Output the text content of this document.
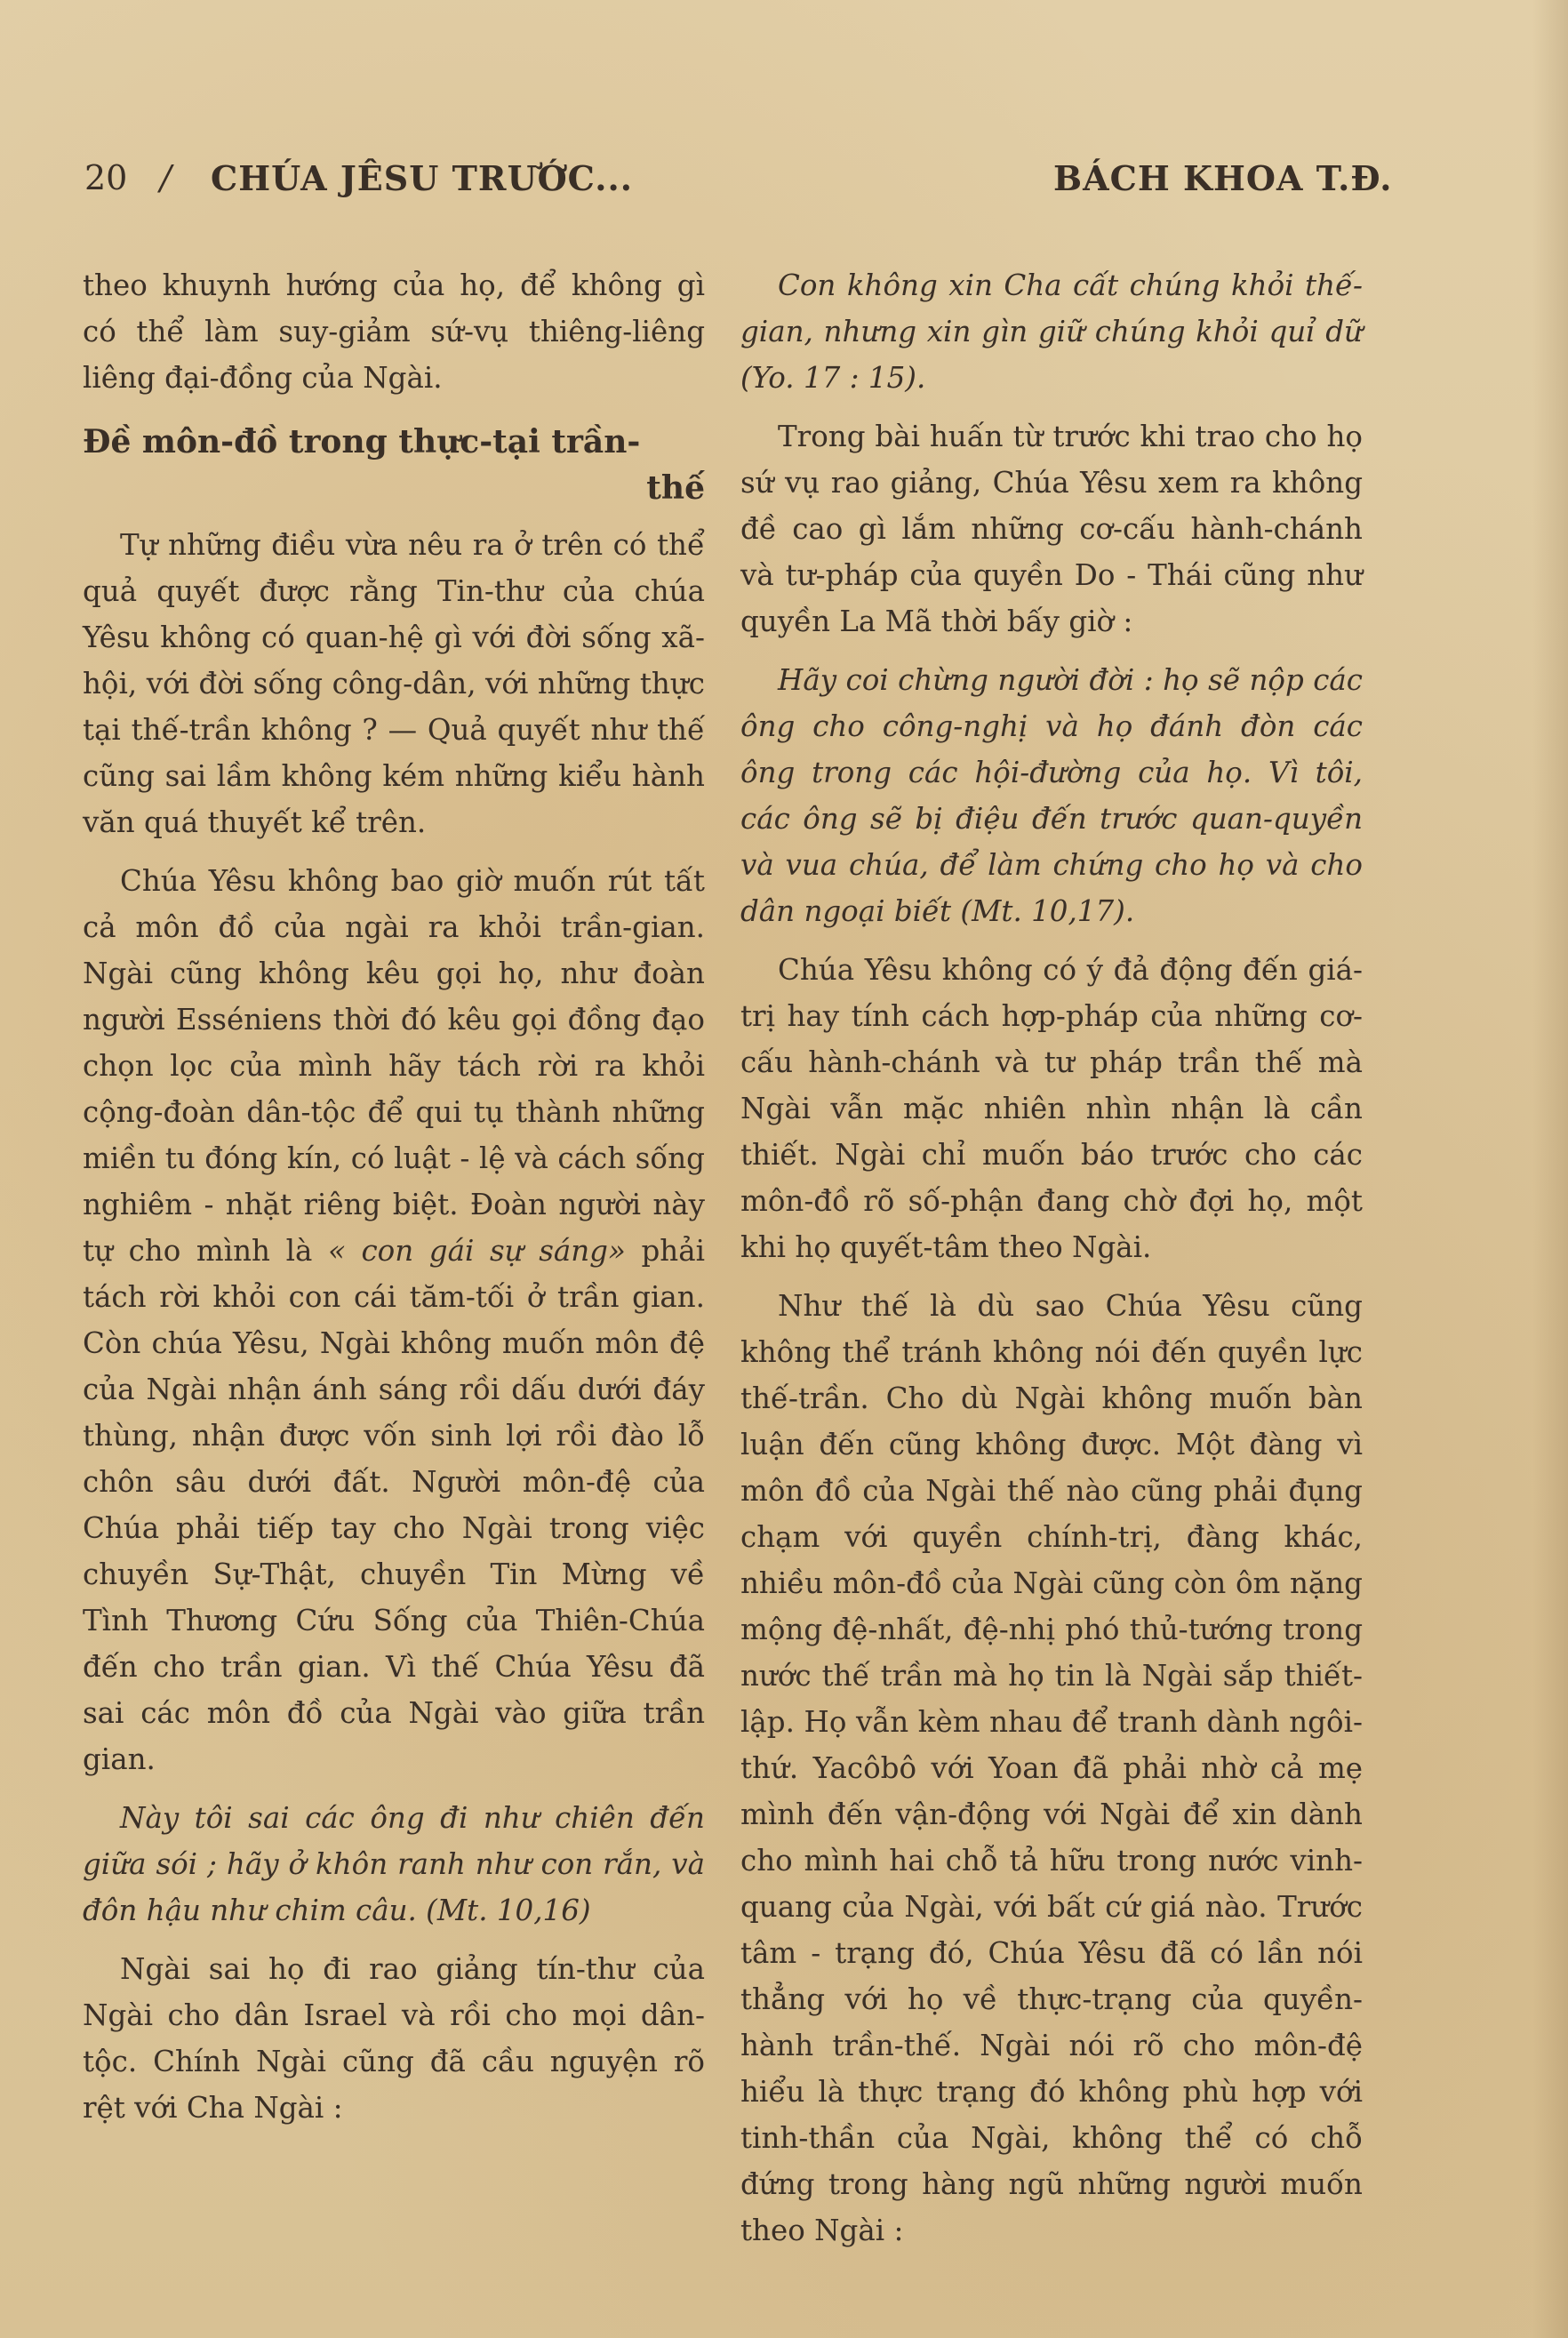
20 / CHÚA JÊSU TRƯỚC...	BÁCH KHOA T.Đ.

theo khuynh hướng của họ, để không gì có thể làm suy-giảm sứ-vụ thiêng-liêng liêng đại-đồng của Ngài.

Đề môn-đồ trong thực-tại trần-
thế

Tự những điều vừa nêu ra ở trên có thể quả quyết được rằng Tin-thư của chúa Yêsu không có quan-hệ gì với đời sống xã-hội, với đời sống công-dân, với những thực tại thế-trần không ? — Quả quyết như thế cũng sai lầm không kém những kiểu hành văn quá thuyết kể trên.

Chúa Yêsu không bao giờ muốn rút tất cả môn đồ của ngài ra khỏi trần-gian. Ngài cũng không kêu gọi họ, như đoàn người Esséniens thời đó kêu gọi đồng đạo chọn lọc của mình hãy tách rời ra khỏi cộng-đoàn dân-tộc để qui tụ thành những miền tu đóng kín, có luật - lệ và cách sống nghiêm - nhặt riêng biệt. Đoàn người này tự cho mình là « con gái sự sáng» phải tách rời khỏi con cái tăm-tối ở trần gian. Còn chúa Yêsu, Ngài không muốn môn đệ của Ngài nhận ánh sáng rồi dấu dưới đáy thùng, nhận được vốn sinh lợi rồi đào lỗ chôn sâu dưới đất. Người môn-đệ của Chúa phải tiếp tay cho Ngài trong việc chuyền Sự-Thật, chuyền Tin Mừng về Tình Thương Cứu Sống của Thiên-Chúa đến cho trần gian. Vì thế Chúa Yêsu đã sai các môn đồ của Ngài vào giữa trần gian.

Này tôi sai các ông đi như chiên đến giữa sói ; hãy ở khôn ranh như con rắn, và đôn hậu như chim câu. (Mt. 10,16)

Ngài sai họ đi rao giảng tín-thư của Ngài cho dân Israel và rồi cho mọi dân-tộc. Chính Ngài cũng đã cầu nguyện rõ rệt với Cha Ngài :

Con không xin Cha cất chúng khỏi thế-gian, nhưng xin gìn giữ chúng khỏi quỉ dữ (Yo. 17 : 15).

Trong bài huấn từ trước khi trao cho họ sứ vụ rao giảng, Chúa Yêsu xem ra không đề cao gì lắm những cơ-cấu hành-chánh và tư-pháp của quyền Do - Thái cũng như quyền La Mã thời bấy giờ :

Hãy coi chừng người đời : họ sẽ nộp các ông cho công-nghị và họ đánh đòn các ông trong các hội-đường của họ. Vì tôi, các ông sẽ bị điệu đến trước quan-quyền và vua chúa, để làm chứng cho họ và cho dân ngoại biết (Mt. 10,17).

Chúa Yêsu không có ý đả động đến giá-trị hay tính cách hợp-pháp của những cơ-cấu hành-chánh và tư pháp trần thế mà Ngài vẫn mặc nhiên nhìn nhận là cần thiết. Ngài chỉ muốn báo trước cho các môn-đồ rõ số-phận đang chờ đợi họ, một khi họ quyết-tâm theo Ngài.

Như thế là dù sao Chúa Yêsu cũng không thể tránh không nói đến quyền lực thế-trần. Cho dù Ngài không muốn bàn luận đến cũng không được. Một đàng vì môn đồ của Ngài thế nào cũng phải đụng chạm với quyền chính-trị, đàng khác, nhiều môn-đồ của Ngài cũng còn ôm nặng mộng đệ-nhất, đệ-nhị phó thủ-tướng trong nước thế trần mà họ tin là Ngài sắp thiết-lập. Họ vẫn kèm nhau để tranh dành ngôi-thứ. Yacôbô với Yoan đã phải nhờ cả mẹ mình đến vận-động với Ngài để xin dành cho mình hai chỗ tả hữu trong nước vinh-quang của Ngài, với bất cứ giá nào. Trước tâm - trạng đó, Chúa Yêsu đã có lần nói thẳng với họ về thực-trạng của quyền-hành trần-thế. Ngài nói rõ cho môn-đệ hiểu là thực trạng đó không phù hợp với tinh-thần của Ngài, không thể có chỗ đứng trong hàng ngũ những người muốn theo Ngài :
